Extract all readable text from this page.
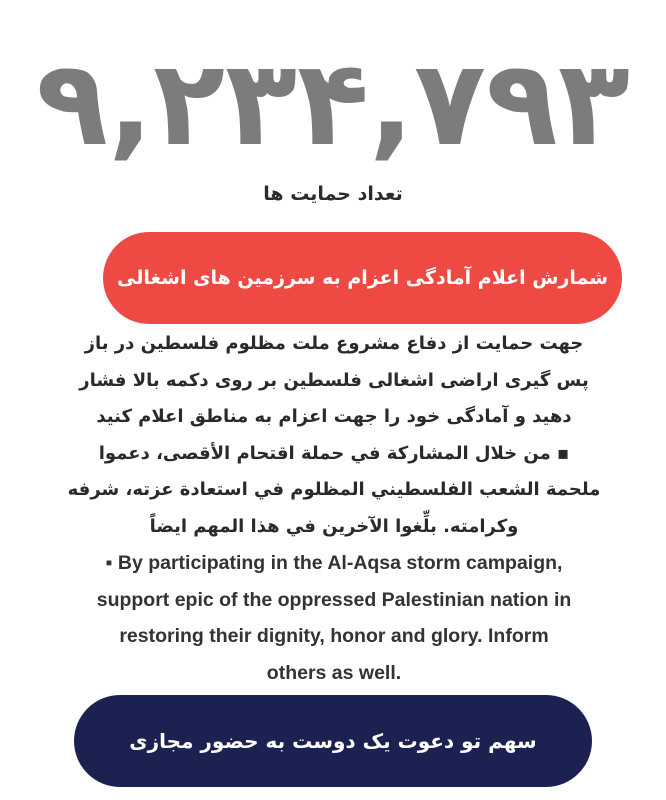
۹,۲۳۴,۷۹۳
تعداد حمایت ها
شمارش اعلام آمادگی اعزام به سرزمین های اشغالی

جهت حمایت از دفاع مشروع ملت مظلوم فلسطین در باز

پس گیری اراضی اشغالی فلسطین بر روی دکمه بالا فشار

دهید و آمادگی خود را جهت اعزام به مناطق اعلام کنید

▪ من خلال المشاركة في حملة اقتحام الأقصى، دعموا

ملحمة الشعب الفلسطيني المظلوم في استعادة عزته، شرفه

وكرامته. بلِّغوا الآخرين في هذا المهم ايضاً

▪ By participating in the Al-Aqsa storm campaign,

support epic of the oppressed Palestinian nation in

restoring their dignity, honor and glory. Inform

others as well.

سهم تو دعوت یک دوست به حضور مجازی
